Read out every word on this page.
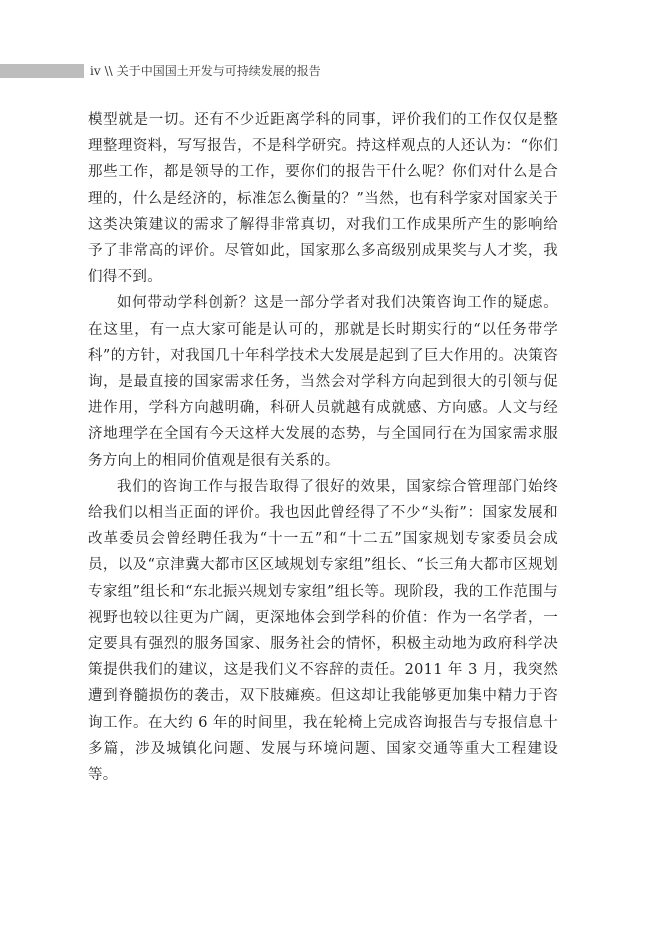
iv \\ 关于中国国土开发与可持续发展的报告

模型就是一切。还有不少近距离学科的同事，评价我们的工作仅仅是整理整理资料，写写报告，不是科学研究。持这样观点的人还认为：“你们那些工作，都是领导的工作，要你们的报告干什么呢？你们对什么是合理的，什么是经济的，标准怎么衡量的？”当然，也有科学家对国家关于这类决策建议的需求了解得非常真切，对我们工作成果所产生的影响给予了非常高的评价。尽管如此，国家那么多高级别成果奖与人才奖，我们得不到。

如何带动学科创新？这是一部分学者对我们决策咨询工作的疑虑。在这里，有一点大家可能是认可的，那就是长时期实行的“以任务带学科”的方针，对我国几十年科学技术大发展是起到了巨大作用的。决策咨询，是最直接的国家需求任务，当然会对学科方向起到很大的引领与促进作用，学科方向越明确，科研人员就越有成就感、方向感。人文与经济地理学在全国有今天这样大发展的态势，与全国同行在为国家需求服务方向上的相同价值观是很有关系的。

我们的咨询工作与报告取得了很好的效果，国家综合管理部门始终给我们以相当正面的评价。我也因此曾经得了不少“头衔”：国家发展和改革委员会曾经聘任我为“十一五”和“十二五”国家规划专家委员会成员，以及“京津冀大都市区区域规划专家组”组长、“长三角大都市区规划专家组”组长和“东北振兴规划专家组”组长等。现阶段，我的工作范围与视野也较以往更为广阔，更深地体会到学科的价值：作为一名学者，一定要具有强烈的服务国家、服务社会的情怀，积极主动地为政府科学决策提供我们的建议，这是我们义不容辞的责任。2011 年 3 月，我突然遭到脊髓损伤的袭击，双下肢瘫痪。但这却让我能够更加集中精力于咨询工作。在大约 6 年的时间里，我在轮椅上完成咨询报告与专报信息十多篇，涉及城镇化问题、发展与环境问题、国家交通等重大工程建设等。
